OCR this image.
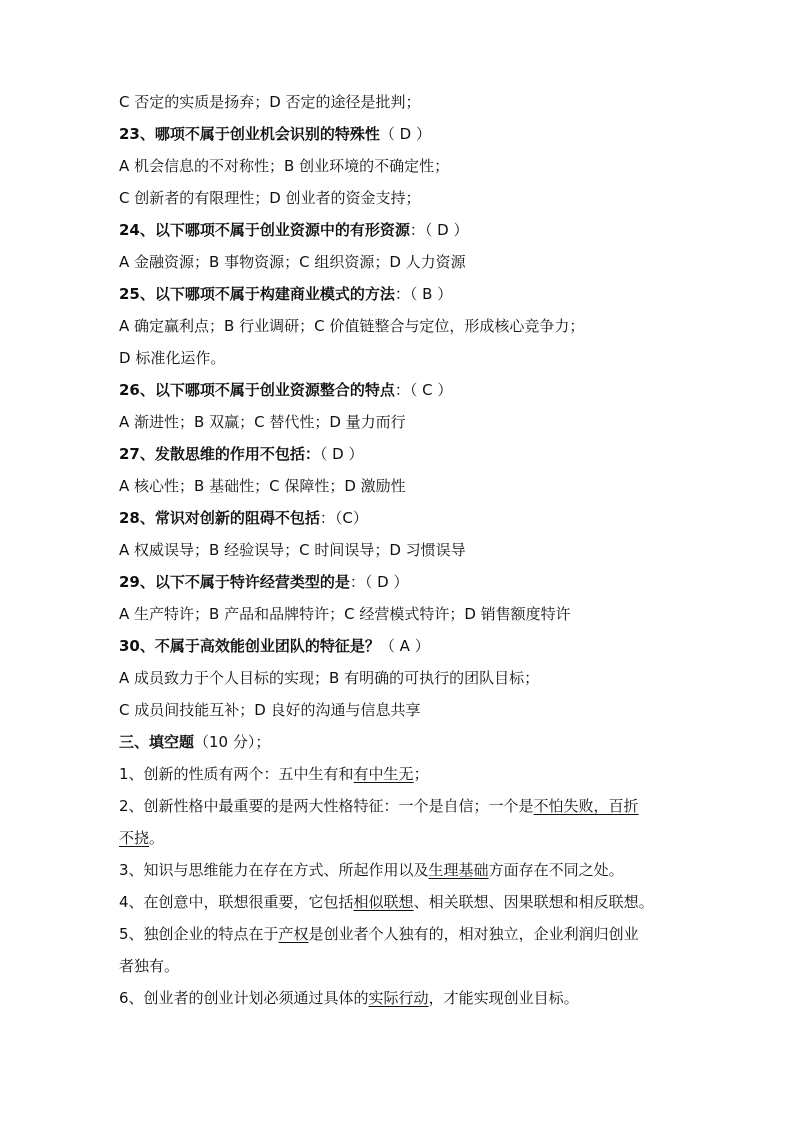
C 否定的实质是扬弃；D 否定的途径是批判；
23、哪项不属于创业机会识别的特殊性（ D ）
A 机会信息的不对称性；B 创业环境的不确定性；
C 创新者的有限理性；D 创业者的资金支持；
24、以下哪项不属于创业资源中的有形资源：（ D ）
A 金融资源；B 事物资源；C 组织资源；D 人力资源
25、以下哪项不属于构建商业模式的方法：（ B ）
A 确定赢利点；B 行业调研；C 价值链整合与定位，形成核心竞争力；
D 标准化运作。
26、以下哪项不属于创业资源整合的特点：（ C ）
A 渐进性；B 双赢；C 替代性；D 量力而行
27、发散思维的作用不包括：（ D ）
A 核心性；B 基础性；C 保障性；D 激励性
28、常识对创新的阻碍不包括：（C）
A 权威误导；B 经验误导；C 时间误导；D 习惯误导
29、以下不属于特许经营类型的是：（ D ）
A 生产特许；B 产品和品牌特许；C 经营模式特许；D 销售额度特许
30、不属于高效能创业团队的特征是？（ A ）
A 成员致力于个人目标的实现；B 有明确的可执行的团队目标；
C 成员间技能互补；D 良好的沟通与信息共享
三、填空题（10 分）；
1、创新的性质有两个：五中生有和有中生无；
2、创新性格中最重要的是两大性格特征：一个是自信；一个是不怕失败，百折
不挠。
3、知识与思维能力在存在方式、所起作用以及生理基础方面存在不同之处。
4、在创意中，联想很重要，它包括相似联想、相关联想、因果联想和相反联想。
5、独创企业的特点在于产权是创业者个人独有的，相对独立，企业利润归创业
者独有。
6、创业者的创业计划必须通过具体的实际行动，才能实现创业目标。
